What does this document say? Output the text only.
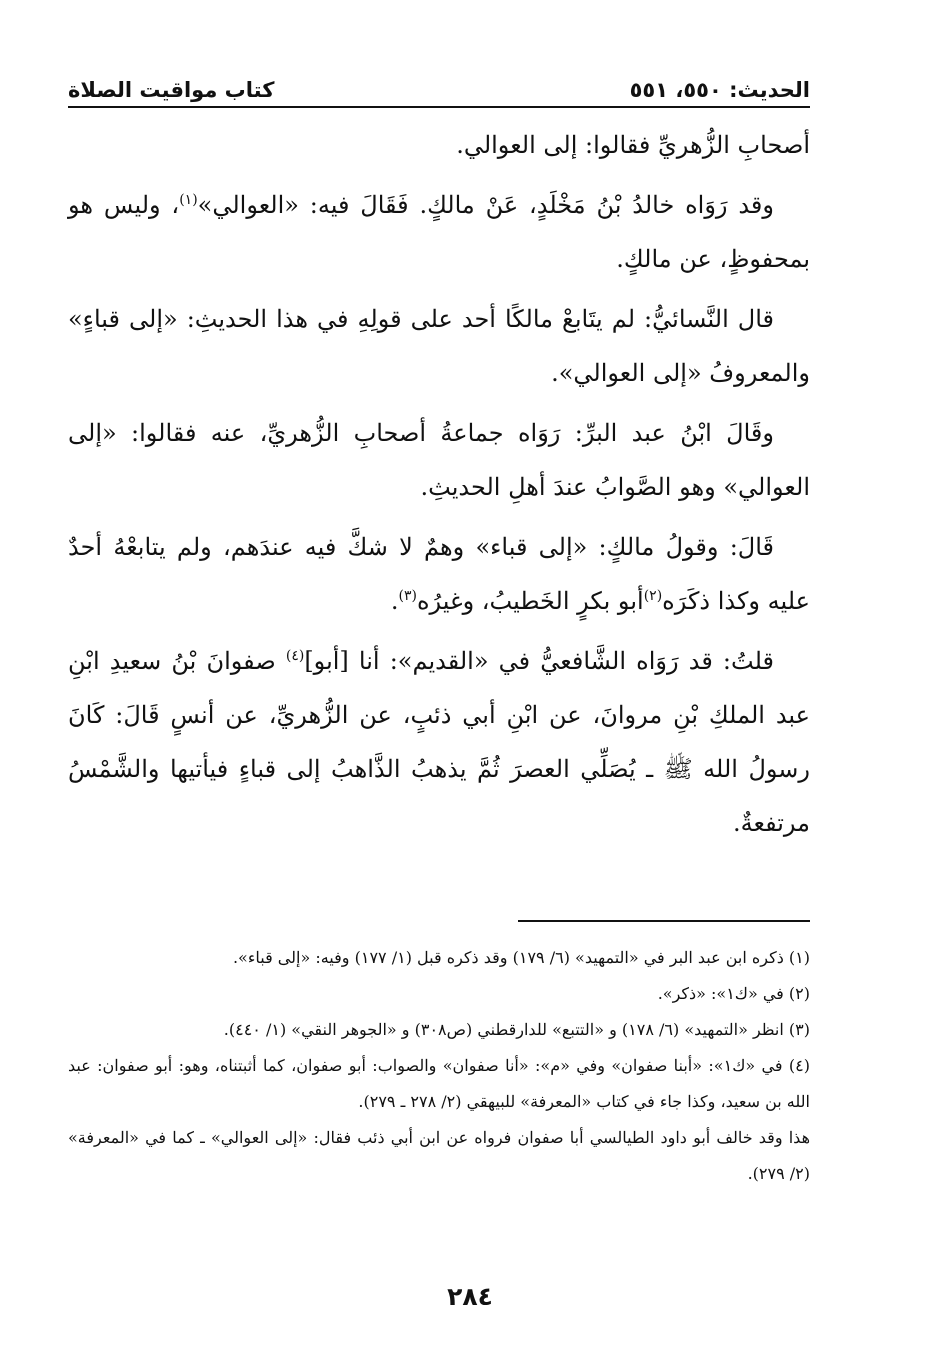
الحديث: ٥٥٠، ٥٥١
كتاب مواقيت الصلاة

أصحابِ الزُّهريِّ فقالوا: إلى العوالي.

وقد رَوَاه خالدُ بْنُ مَخْلَدٍ، عَنْ مالكٍ. فَقَالَ فيه: «العوالي»$^{(١)}$، وليس هو بمحفوظٍ، عن مالكٍ.

قال النَّسائيُّ: لم يتَابعْ مالكًا أحد على قولِهِ في هذا الحديثِ: «إلى قباءٍ» والمعروفُ «إلى العوالي».

وقَالَ ابْنُ عبد البرِّ: رَوَاه جماعةُ أصحابِ الزُّهريِّ، عنه فقالوا: «إلى العوالي» وهو الصَّوابُ عندَ أهلِ الحديثِ.

قَالَ: وقولُ مالكٍ: «إلى قباء» وهمٌ لا شكَّ فيه عندَهم، ولم يتابعْهُ أحدٌ عليه وكذا ذكَرَه$^{(٢)}$أبو بكرٍ الخَطيبُ، وغيرُه$^{(٣)}$.

قلتُ: قد رَوَاه الشَّافعيُّ في «القديم»: أنا [أبو]$^{(٤)}$ صفوانَ بْنُ سعيدِ ابْنِ عبد الملكِ بْنِ مروانَ، عن ابْنِ أبي ذئبٍ، عن الزُّهريِّ، عن أنسٍ قَالَ: كَانَ رسولُ الله ﷺ ـ يُصَلِّي العصرَ ثُمَّ يذهبُ الذَّاهبُ إلى قباءٍ فيأتيها والشَّمْسُ مرتفعةٌ.

(١) ذكره ابن عبد البر في «التمهيد» (٦/ ١٧٩) وقد ذكره قبل (١/ ١٧٧) وفيه: «إلى قباء».

(٢) في «ك١»: «ذكر».

(٣) انظر «التمهيد» (٦/ ١٧٨) و «التتبع» للدارقطني (ص٣٠٨) و «الجوهر النقي» (١/ ٤٤٠).

(٤) في «ك١»: «أبنا صفوان» وفي «م»: «أنا صفوان» والصواب: أبو صفوان، كما أثبتناه، وهو: أبو صفوان: عبد الله بن سعيد، وكذا جاء في كتاب «المعرفة» للبيهقي (٢/ ٢٧٨ ـ ٢٧٩).
هذا وقد خالف أبو داود الطيالسي أبا صفوان فرواه عن ابن أبي ذئب فقال: «إلى العوالي» ـ كما في «المعرفة» (٢/ ٢٧٩).

٢٨٤
